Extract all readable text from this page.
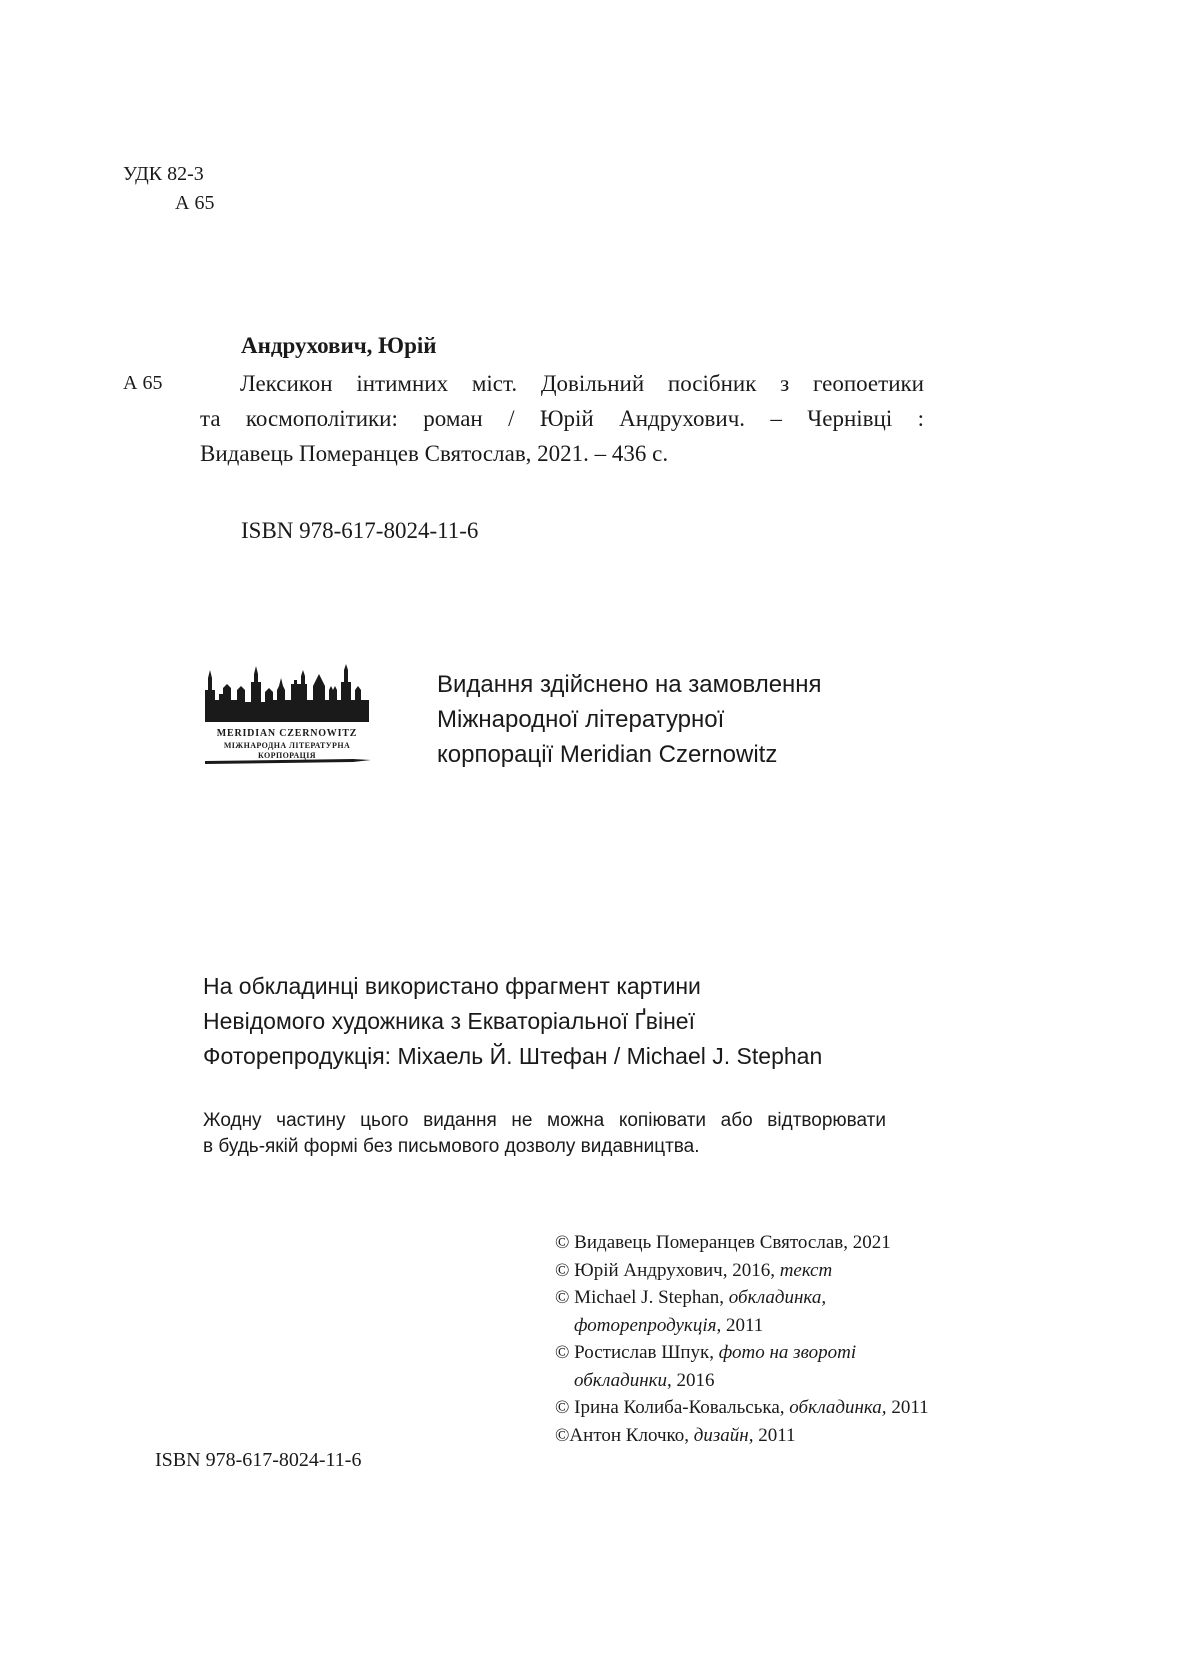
УДК 82-3
А 65
Андрухович, Юрій
А 65	Лексикон інтимних міст. Довільний посібник з геопоетики
та космополітики: роман / Юрій Андрухович. – Чернівці :
Видавець Померанцев Святослав, 2021. – 436 с.
ISBN 978-617-8024-11-6
MERIDIAN CZERNOWITZ
МІЖНАРОДНА ЛІТЕРАТУРНА
КОРПОРАЦІЯ
Видання здійснено на замовлення
Міжнародної літературної
корпорації Meridian Czernowitz
На обкладинці використано фрагмент картини
Невідомого художника з Екваторіальної Ґвінеї
Фоторепродукція: Міхаель Й. Штефан / Michael J. Stephan
Жодну частину цього видання не можна копіювати або відтворювати
в будь-якій формі без письмового дозволу видавництва.
© Видавець Померанцев Святослав, 2021
© Юрій Андрухович, 2016, текст
© Michael J. Stephan, обкладинка,
фоторепродукція, 2011
© Ростислав Шпук, фото на звороті
обкладинки, 2016
© Ірина Колиба-Ковальська, обкладинка, 2011
©Антон Клочко, дизайн, 2011
ISBN 978-617-8024-11-6
